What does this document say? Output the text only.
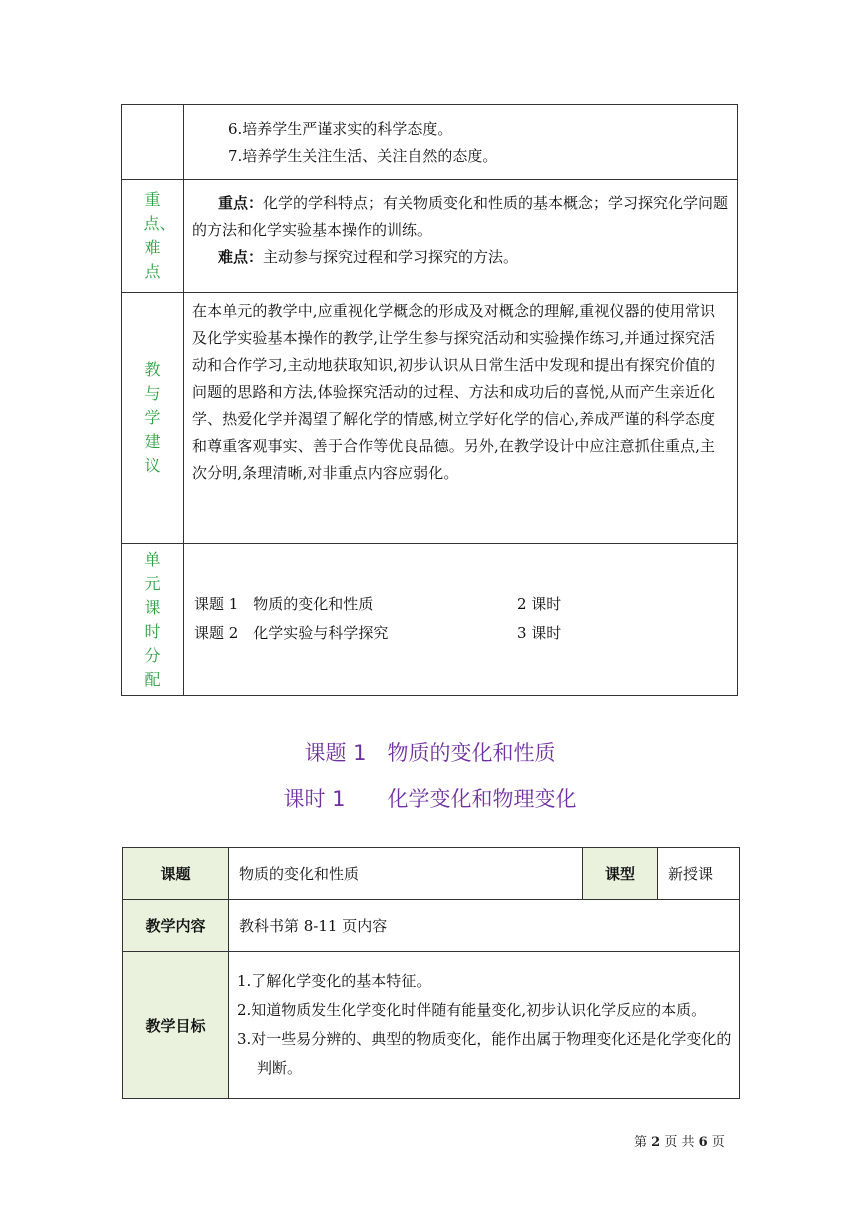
	6.培养学生严谨求实的科学态度。
7.培养学生关注生活、关注自然的态度。

重点、难点	重点：化学的学科特点；有关物质变化和性质的基本概念；学习探究化学问题的方法和化学实验基本操作的训练。
难点：主动参与探究过程和学习探究的方法。

教与学建议	在本单元的教学中,应重视化学概念的形成及对概念的理解,重视仪器的使用常识及化学实验基本操作的教学,让学生参与探究活动和实验操作练习,并通过探究活动和合作学习,主动地获取知识,初步认识从日常生活中发现和提出有探究价值的问题的思路和方法,体验探究活动的过程、方法和成功后的喜悦,从而产生亲近化学、热爱化学并渴望了解化学的情感,树立学好化学的信心,养成严谨的科学态度和尊重客观事实、善于合作等优良品德。另外,在教学设计中应注意抓住重点,主次分明,条理清晰,对非重点内容应弱化。

单元课时分配	课题 1　物质的变化和性质 2 课时
课题 2　化学实验与科学探究 3 课时
课题 1　物质的变化和性质
课时 1　　化学变化和物理变化
课题	物质的变化和性质	课型	新授课
教学内容	教科书第 8-11 页内容		
教学目标	1.了解化学变化的基本特征。
2.知道物质发生化学变化时伴随有能量变化,初步认识化学反应的本质。
3.对一些易分辨的、典型的物质变化，能作出属于物理变化还是化学变化的判断。		
第 2 页 共 6 页
